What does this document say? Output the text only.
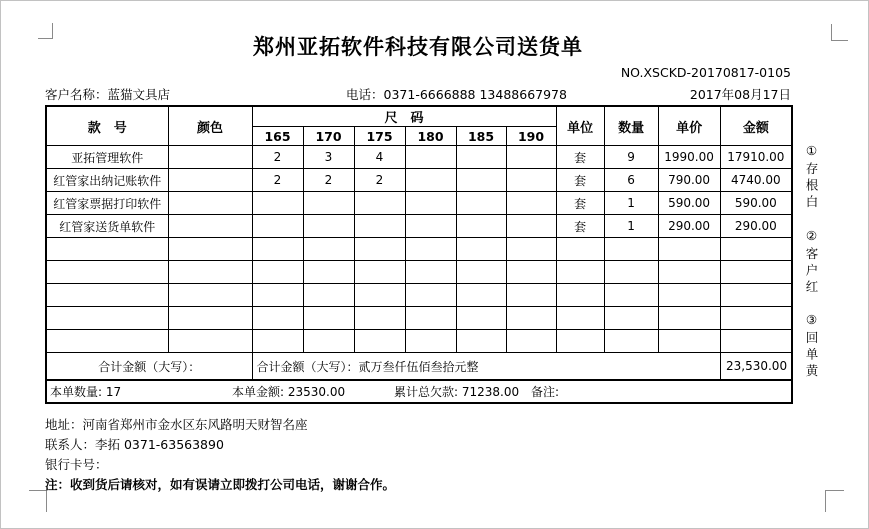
郑州亚拓软件科技有限公司送货单
NO.XSCKD-20170817-0105
客户名称：蓝猫文具店	电话：0371-6666888 13488667978	2017年08月17日
款　号	颜色	尺　码						单位	数量	单价	金额
		165	170	175	180	185	190				
亚拓管理软件		2	3	4				套	9	1990.00	17910.00
红管家出纳记账软件		2	2	2				套	6	790.00	4740.00
红管家票据打印软件								套	1	590.00	590.00
红管家送货单软件								套	1	290.00	290.00

合计金额（大写）：		合计金额（大写）：贰万叁仟伍佰叁拾元整									23,530.00

本单数量: 17 本单金额: 23530.00 累计总欠款: 71238.00 备注:											
①存根白
②客户红
③回单黄
地址：河南省郑州市金水区东风路明天财智名座
联系人：李拓 0371-63563890
银行卡号：
注：收到货后请核对，如有误请立即拨打公司电话，谢谢合作。
